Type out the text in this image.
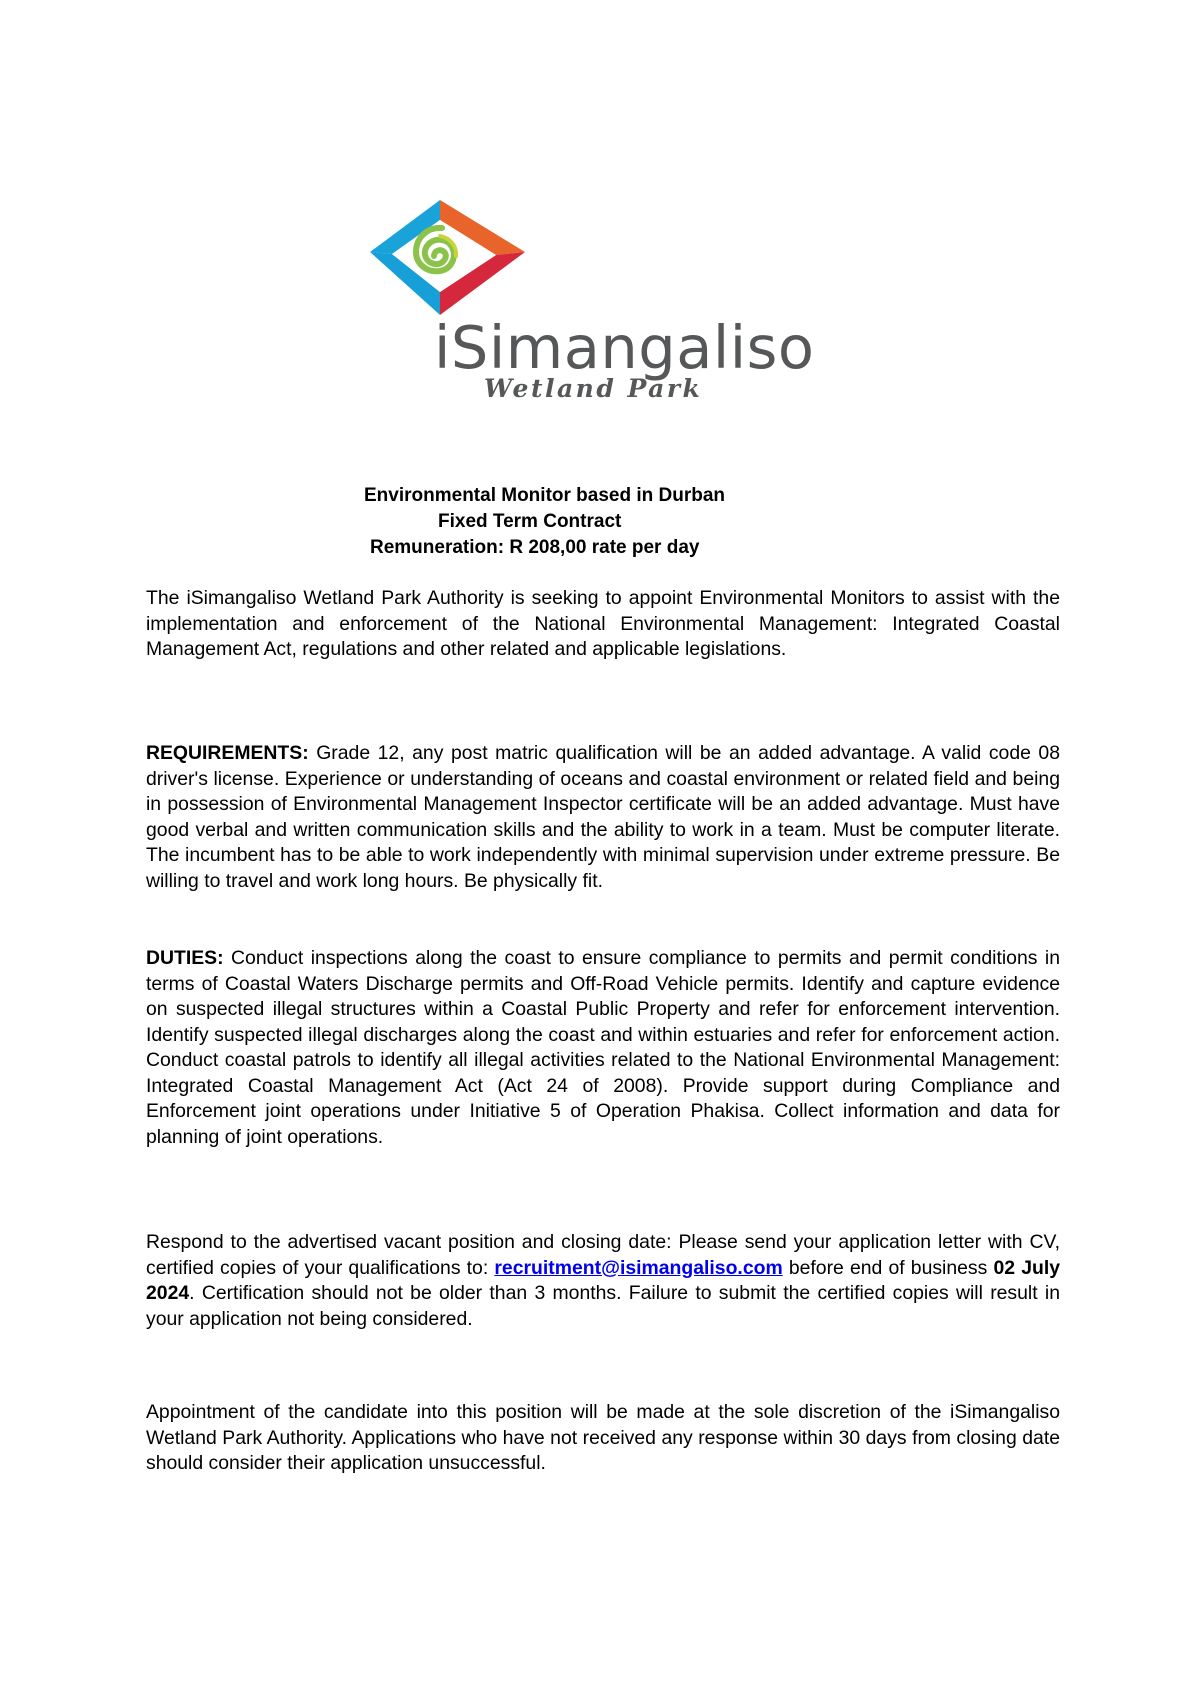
iSimangaliso
Wetland Park
Environmental Monitor based in Durban
Fixed Term Contract
Remuneration: R 208,00 rate per day

The iSimangaliso Wetland Park Authority is seeking to appoint Environmental Monitors to assist with the implementation and enforcement of the National Environmental Management: Integrated Coastal Management Act, regulations and other related and applicable legislations.

REQUIREMENTS: Grade 12, any post matric qualification will be an added advantage. A valid code 08 driver's license. Experience or understanding of oceans and coastal environment or related field and being in possession of Environmental Management Inspector certificate will be an added advantage. Must have good verbal and written communication skills and the ability to work in a team. Must be computer literate. The incumbent has to be able to work independently with minimal supervision under extreme pressure. Be willing to travel and work long hours. Be physically fit.

DUTIES: Conduct inspections along the coast to ensure compliance to permits and permit conditions in terms of Coastal Waters Discharge permits and Off-Road Vehicle permits. Identify and capture evidence on suspected illegal structures within a Coastal Public Property and refer for enforcement intervention. Identify suspected illegal discharges along the coast and within estuaries and refer for enforcement action. Conduct coastal patrols to identify all illegal activities related to the National Environmental Management: Integrated Coastal Management Act (Act 24 of 2008). Provide support during Compliance and Enforcement joint operations under Initiative 5 of Operation Phakisa. Collect information and data for planning of joint operations.

Respond to the advertised vacant position and closing date: Please send your application letter with CV, certified copies of your qualifications to: recruitment@isimangaliso.com before end of business 02 July 2024. Certification should not be older than 3 months. Failure to submit the certified copies will result in your application not being considered.

Appointment of the candidate into this position will be made at the sole discretion of the iSimangaliso Wetland Park Authority. Applications who have not received any response within 30 days from closing date should consider their application unsuccessful.
